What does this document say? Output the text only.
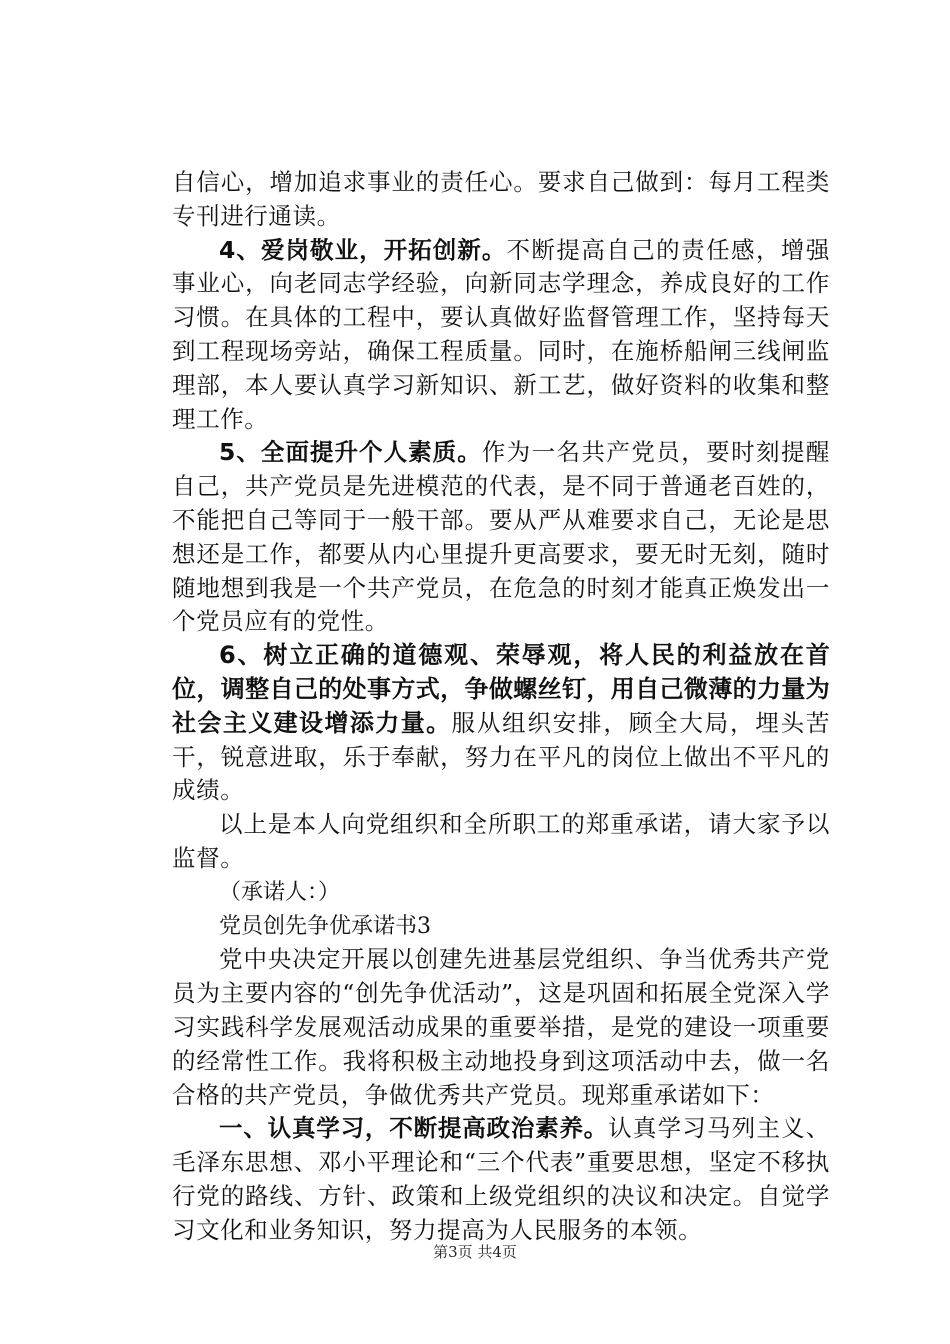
自信心，增加追求事业的责任心。要求自己做到：每月工程类专刊进行通读。

4、爱岗敬业，开拓创新。不断提高自己的责任感，增强事业心，向老同志学经验，向新同志学理念，养成良好的工作习惯。在具体的工程中，要认真做好监督管理工作，坚持每天到工程现场旁站，确保工程质量。同时，在施桥船闸三线闸监理部，本人要认真学习新知识、新工艺，做好资料的收集和整理工作。

5、全面提升个人素质。作为一名共产党员，要时刻提醒自己，共产党员是先进模范的代表，是不同于普通老百姓的，不能把自己等同于一般干部。要从严从难要求自己，无论是思想还是工作，都要从内心里提升更高要求，要无时无刻，随时随地想到我是一个共产党员，在危急的时刻才能真正焕发出一个党员应有的党性。

6、树立正确的道德观、荣辱观，将人民的利益放在首位，调整自己的处事方式，争做螺丝钉，用自己微薄的力量为社会主义建设增添力量。服从组织安排，顾全大局，埋头苦干，锐意进取，乐于奉献，努力在平凡的岗位上做出不平凡的成绩。

以上是本人向党组织和全所职工的郑重承诺，请大家予以监督。

（承诺人：）

党员创先争优承诺书3

党中央决定开展以创建先进基层党组织、争当优秀共产党员为主要内容的“创先争优活动”，这是巩固和拓展全党深入学习实践科学发展观活动成果的重要举措，是党的建设一项重要的经常性工作。我将积极主动地投身到这项活动中去，做一名合格的共产党员，争做优秀共产党员。现郑重承诺如下：

一、认真学习，不断提高政治素养。认真学习马列主义、毛泽东思想、邓小平理论和“三个代表”重要思想，坚定不移执行党的路线、方针、政策和上级党组织的决议和决定。自觉学习文化和业务知识，努力提高为人民服务的本领。

第3页 共4页
